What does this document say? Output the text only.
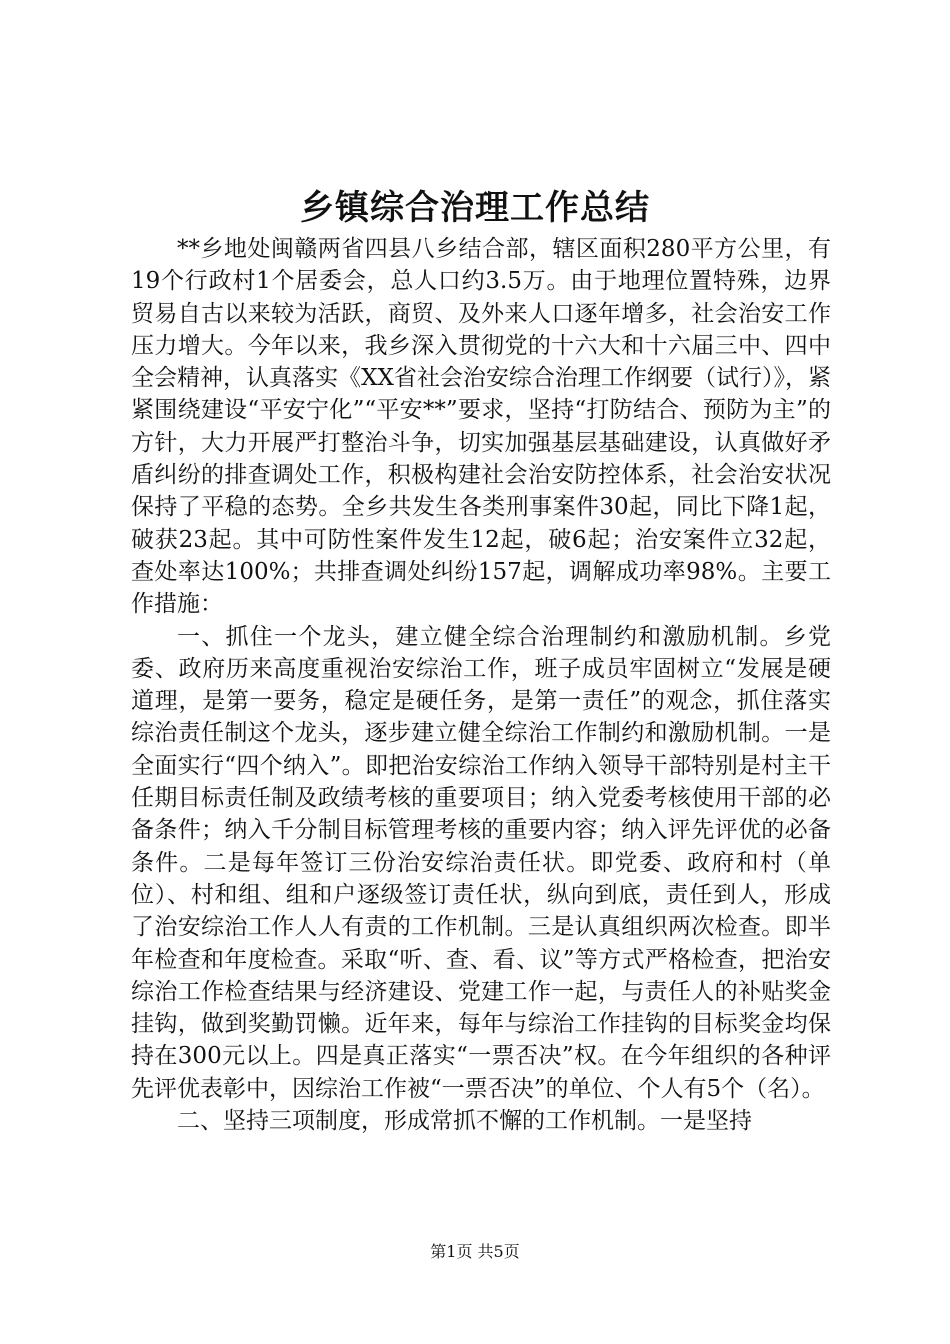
乡镇综合治理工作总结

**乡地处闽赣两省四县八乡结合部，辖区面积280平方公里，有19个行政村1个居委会，总人口约3.5万。由于地理位置特殊，边界贸易自古以来较为活跃，商贸、及外来人口逐年增多，社会治安工作压力增大。今年以来，我乡深入贯彻党的十六大和十六届三中、四中全会精神，认真落实《XX省社会治安综合治理工作纲要（试行）》，紧紧围绕建设“平安宁化”“平安**”要求，坚持“打防结合、预防为主”的方针，大力开展严打整治斗争，切实加强基层基础建设，认真做好矛盾纠纷的排查调处工作，积极构建社会治安防控体系，社会治安状况保持了平稳的态势。全乡共发生各类刑事案件30起，同比下降1起，破获23起。其中可防性案件发生12起，破6起；治安案件立32起，查处率达100%；共排查调处纠纷157起，调解成功率98%。主要工作措施：

一、抓住一个龙头，建立健全综合治理制约和激励机制。乡党委、政府历来高度重视治安综治工作，班子成员牢固树立“发展是硬道理，是第一要务，稳定是硬任务，是第一责任”的观念，抓住落实综治责任制这个龙头，逐步建立健全综治工作制约和激励机制。一是全面实行“四个纳入”。即把治安综治工作纳入领导干部特别是村主干任期目标责任制及政绩考核的重要项目；纳入党委考核使用干部的必备条件；纳入千分制目标管理考核的重要内容；纳入评先评优的必备条件。二是每年签订三份治安综治责任状。即党委、政府和村（单位）、村和组、组和户逐级签订责任状，纵向到底，责任到人，形成了治安综治工作人人有责的工作机制。三是认真组织两次检查。即半年检查和年度检查。采取“听、查、看、议”等方式严格检查，把治安综治工作检查结果与经济建设、党建工作一起，与责任人的补贴奖金挂钩，做到奖勤罚懒。近年来，每年与综治工作挂钩的目标奖金均保持在300元以上。四是真正落实“一票否决”权。在今年组织的各种评先评优表彰中，因综治工作被“一票否决”的单位、个人有5个（名）。

二、坚持三项制度，形成常抓不懈的工作机制。一是坚持

第1页 共5页
